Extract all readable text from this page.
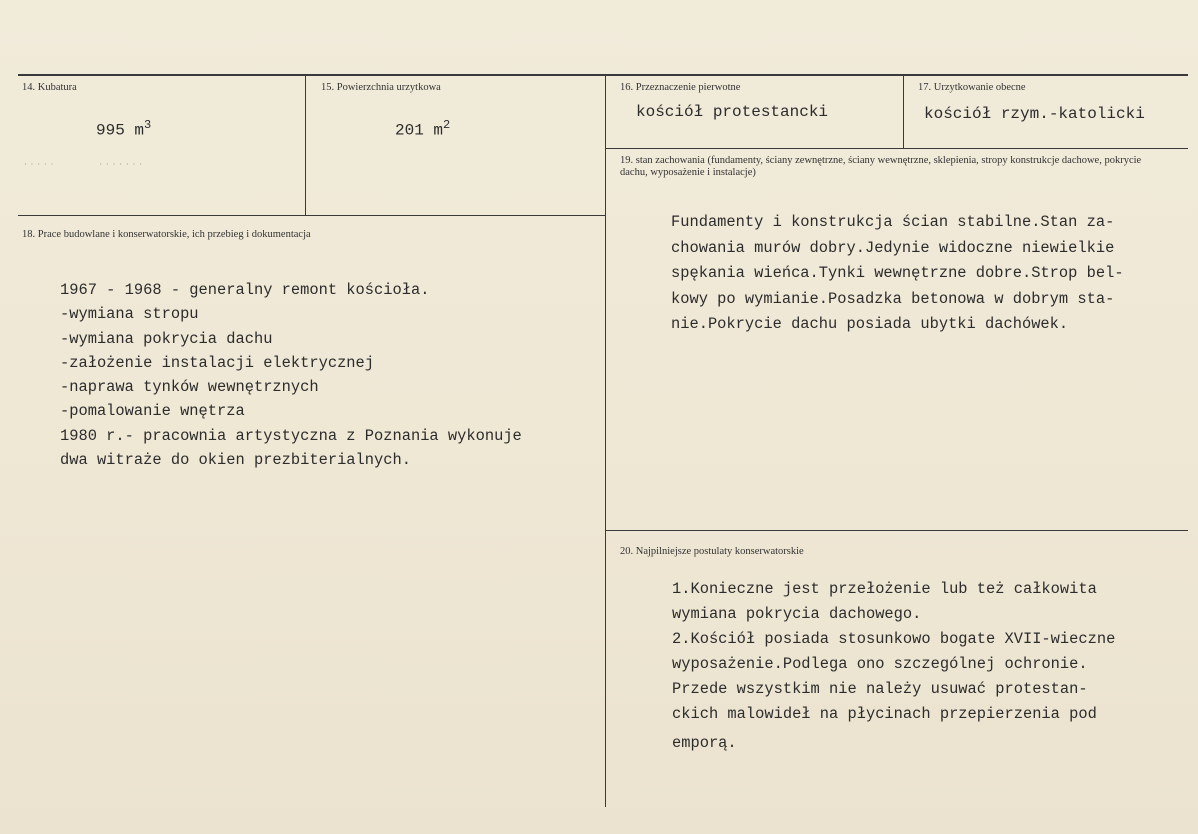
14. Kubatura
995 $m^3$
· · · · ·               · · · · · · ·
15. Powierzchnia urzytkowa
201 $m^2$
16. Przeznaczenie pierwotne
kościół protestancki
17. Urzytkowanie obecne
kościół rzym.-katolicki
19. stan zachowania (fundamenty, ściany zewnętrzne, ściany wewnętrzne, sklepienia, stropy konstrukcje dachowe, pokrycie dachu, wyposażenie i instalacje)
Fundamenty i konstrukcja ścian stabilne.Stan za-
chowania murów dobry.Jedynie widoczne niewielkie
spękania wieńca.Tynki wewnętrzne dobre.Strop bel-
kowy po wymianie.Posadzka betonowa w dobrym sta-
nie.Pokrycie dachu posiada ubytki dachówek.
18. Prace budowlane i konserwatorskie, ich przebieg i dokumentacja
1967 - 1968 - generalny remont kościoła.
-wymiana stropu
-wymiana pokrycia dachu
-założenie instalacji elektrycznej
-naprawa tynków wewnętrznych
-pomalowanie wnętrza
1980 r.- pracownia artystyczna z Poznania wykonuje
dwa witraże do okien prezbiterialnych.
20. Najpilniejsze postulaty konserwatorskie
1.Konieczne jest przełożenie lub też całkowita
wymiana pokrycia dachowego.
2.Kościół posiada stosunkowo bogate XVII-wieczne
wyposażenie.Podlega ono szczególnej ochronie.
Przede wszystkim nie należy usuwać protestan-
ckich malowideł na płycinach przepierzenia pod
emporą.
